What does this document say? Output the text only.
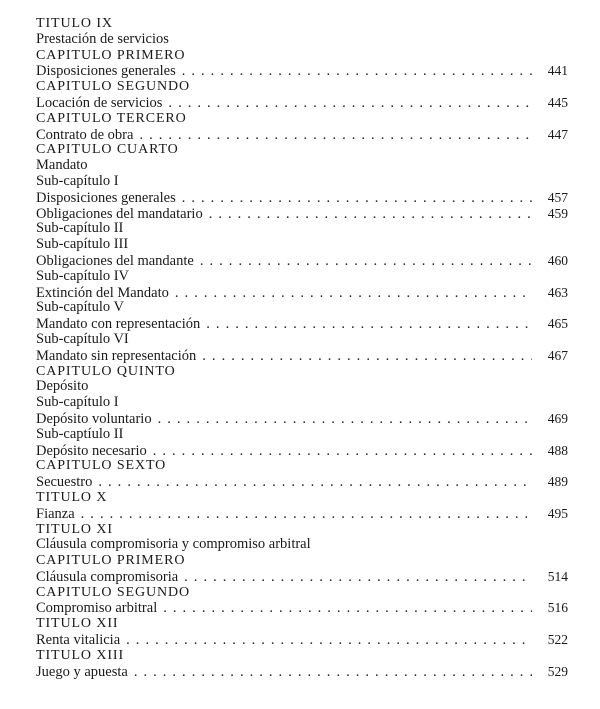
TITULO IX
Prestación de servicios
CAPITULO PRIMERO
Disposiciones generales . . .	441
CAPITULO SEGUNDO
Locación de servicios . . .	445
CAPITULO TERCERO
Contrato de obra . . .	447
CAPITULO CUARTO
Mandato
Sub-capítulo I
Disposiciones generales . . .	457
Obligaciones del mandatario . . .	459
Sub-capítulo II
Sub-capítulo III
Obligaciones del mandante . . .	460
Sub-capítulo IV
Extinción del Mandato . . .	463
Sub-capítulo V
Mandato con representación . . .	465
Sub-capítulo VI
Mandato sin representación . . .	467
CAPITULO QUINTO
Depósito
Sub-capítulo I
Depósito voluntario . . .	469
Sub-captíulo II
Depósito necesario . . .	488
CAPITULO SEXTO
Secuestro . . .	489
TITULO X
Fianza . . .	495
TITULO XI
Cláusula compromisoria y compromiso arbitral
CAPITULO PRIMERO
Cláusula compromisoria . . .	514
CAPITULO SEGUNDO
Compromiso arbitral . . .	516
TITULO XII
Renta vitalicia . . .	522
TITULO XIII
Juego y apuesta . . .	529
